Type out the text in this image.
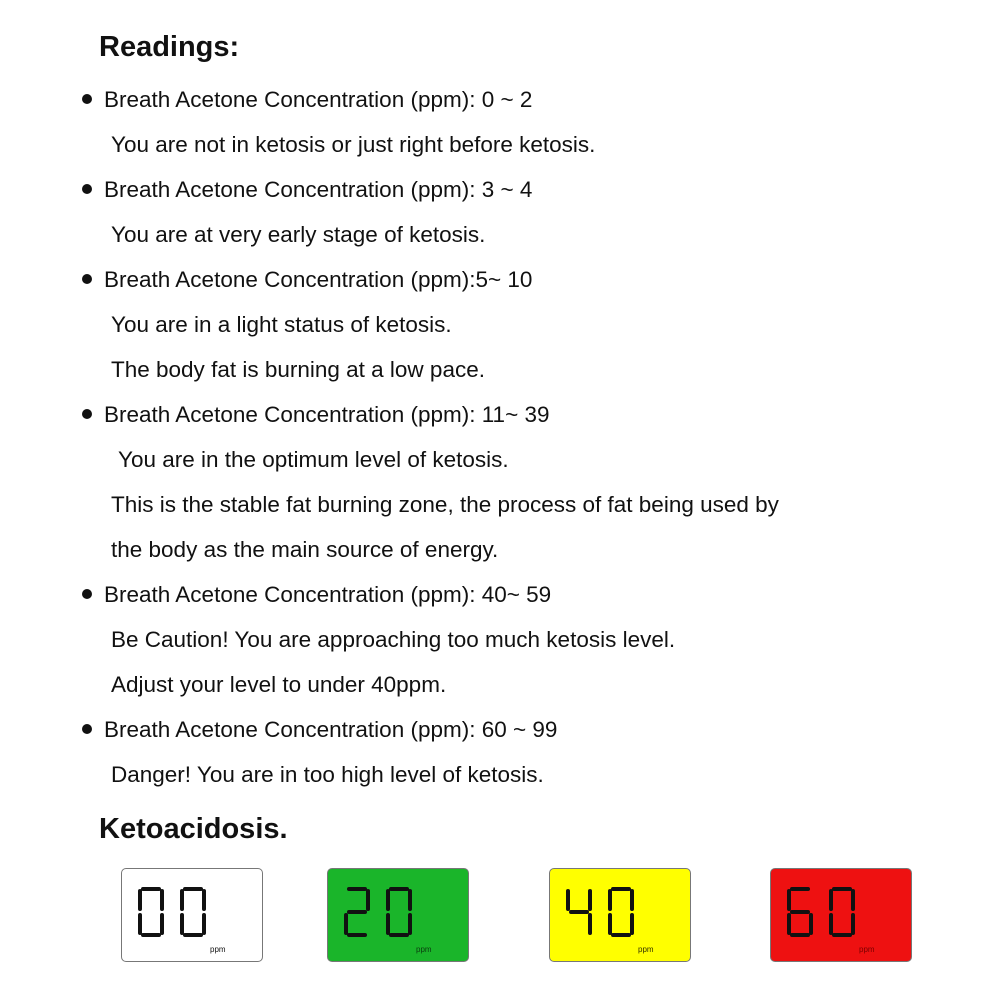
Readings:

Breath Acetone Concentration (ppm): 0 ~ 2

You are not in ketosis or just right before ketosis.

Breath Acetone Concentration (ppm): 3 ~ 4

You are at very early stage of ketosis.

Breath Acetone Concentration (ppm):5~ 10

You are in a light status of ketosis.

The body fat is burning at a low pace.

Breath Acetone Concentration (ppm): 11~ 39

You are in the optimum level of ketosis.

This is the stable fat burning zone, the process of fat being used by

the body as the main source of energy.

Breath Acetone Concentration (ppm): 40~ 59

Be Caution! You are approaching too much ketosis level.

Adjust your level to under 40ppm.

Breath Acetone Concentration (ppm): 60 ~ 99

Danger! You are in too high level of ketosis.

Ketoacidosis.
ppm	ppm	ppm	ppm
